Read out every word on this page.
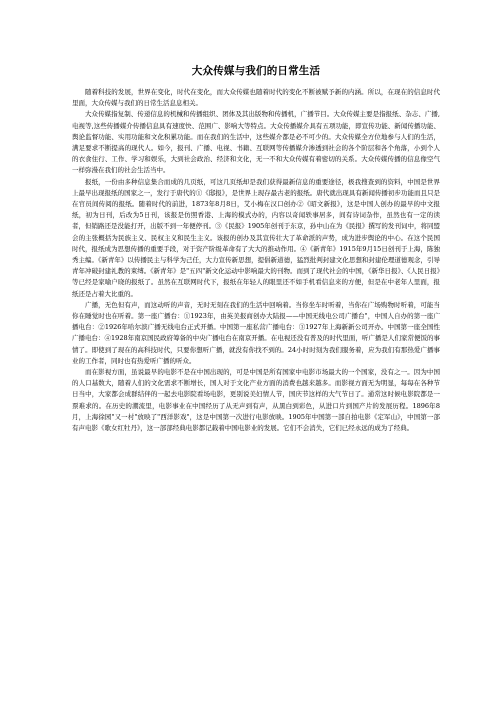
大众传媒与我们的日常生活

随着科技的发展，世界在变化，时代在变化，而大众传媒也随着时代的变化不断被赋予新的内涵。所以，在现在的信息时代里面，大众传媒与我们的日常生活息息相关。

大众传媒指复制、传递信息的机械和传播组织、团体及其出版物和传播机，广播节目。大众传媒主要是指报纸、杂志、广播,电视等,这些传播媒介传播信息具有速度快、范围广、影响大等特点。大众传播媒介具有五项功能，即宣传功能、新闻传播功能、舆论监督功能、实用功能和文化积累功能。而在我们的生活中，这些媒介都是必不可少的。大众传媒全方位地参与人们的生活，满足要求不断提高的现代人。如今，报刊、广播、电视、书籍、互联网等传播媒介渗透到社会的各个阶层和各个角落，小到个人的衣食住行、工作、学习和娱乐，大到社会政治、经济和文化，无一不和大众传媒有着密切的关系。大众传媒传播的信息像空气一样弥漫在我们的社会生活当中。

报纸，一份由多种信息集合而成的几页纸，可这几页纸却是我们获得最新信息的重要途径，极我搜查到的资料，中国是世界上最早出现报纸的国家之一，发行于唐代的①《邸报》，是世界上现存最古老的报纸。唐代就出现具有新闻传播初步功能而且只是在官员间传阅的报纸。随着时代的前进，1873年8月8日，艾小梅在汉口创办②《昭文新报》，这是中国人创办的最早的中文报纸，初为日刊，后改为5日刊，该报是仿照香港、上海的模式办的，内容以奇闻轶事居多，间有诗词杂作，虽然也有一定的读者，但销路还是没能打开，出版不到一年便停刊。③《民报》1905年创刊于东京，孙中山在为《民报》撰写的发刊词中，将同盟会的主张概括为民族主义、民权主义和民生主义。该报的创办及其宣传壮大了革命派的声势，成为进步舆论的中心。在这个民国时代，报纸成为思想传播的重要手段，对于资产阶级革命有了大大的推动作用。④《新青年》1915年9月15日创刊于上海，陈独秀主编。《新青年》以传播民主与科学为己任，大力宣传新思想，提倡新道德，猛烈批判封建文化思想和封建伦理道德观念，引导青年冲破封建礼教的束缚。《新青年》是"五四"新文化运动中影响最大的刊物。而到了现代社会的中国，《新华日报》、《人民日报》等已经是家喻户晓的报纸了。虽然在互联网时代下，报纸在年轻人的眼里还不如手机看信息来的方便，但是在中老年人里面，报纸还是占着大比重的。

广播，无色但有声，而这动听的声音，无时无刻在我们的生活中回响着。当你坐车时听着，当你在广场购物时听着，可能当你在睡觉时也在听着。第一座广播台：①1923年，由英美报商创办大陆报——中国无线电公司广播台"，中国人自办的第一座广播电台：②1926年哈尔滨广播无线电台正式开播。中国第一座私营广播电台：③1927年上海新新公司开办。中国第一座全国性广播电台：④1928年南京国民政府筹备的中央广播电台在南京开播。在电视还没有普及的时代里面，听广播是人们家常便饭的事情了。即使到了现在的高科技时代，只要你想听广播，就没有你找不到的。24小时时刻为我们服务着，应为我们有那热爱广播事业的工作者，同时也有热爱听广播的听众。

而在影视方面，虽说最早的电影不是在中国出现的，可是中国是所有国家中电影市场最大的一个国家，没有之一。因为中国的人口基数大，随着人们的文化需求不断增长，国人对于文化产业方面的消费也越来越多。而影视方面无为明显，每每在各种节日当中，大家都会成群结伴的一起去电影院看场电影，更别说美妇情人节，国庆节这样的大气节日了。通常这时候电影院都是一票难求的。在历史的潮流里，电影事业在中国经历了从无声到有声，从黑白到彩色，从进口片到国产片的发展历程。1896年8月，上海徐园"又一村"放映了"西洋影戏"，这是中国第一次进行电影放映。1905年中国第一部自拍电影《定军山》，中国第一部有声电影《歌女红牡丹》，这一部部经典电影都记载着中国电影业的发展。它们不会消失，它们已经永远的成为了经典。
